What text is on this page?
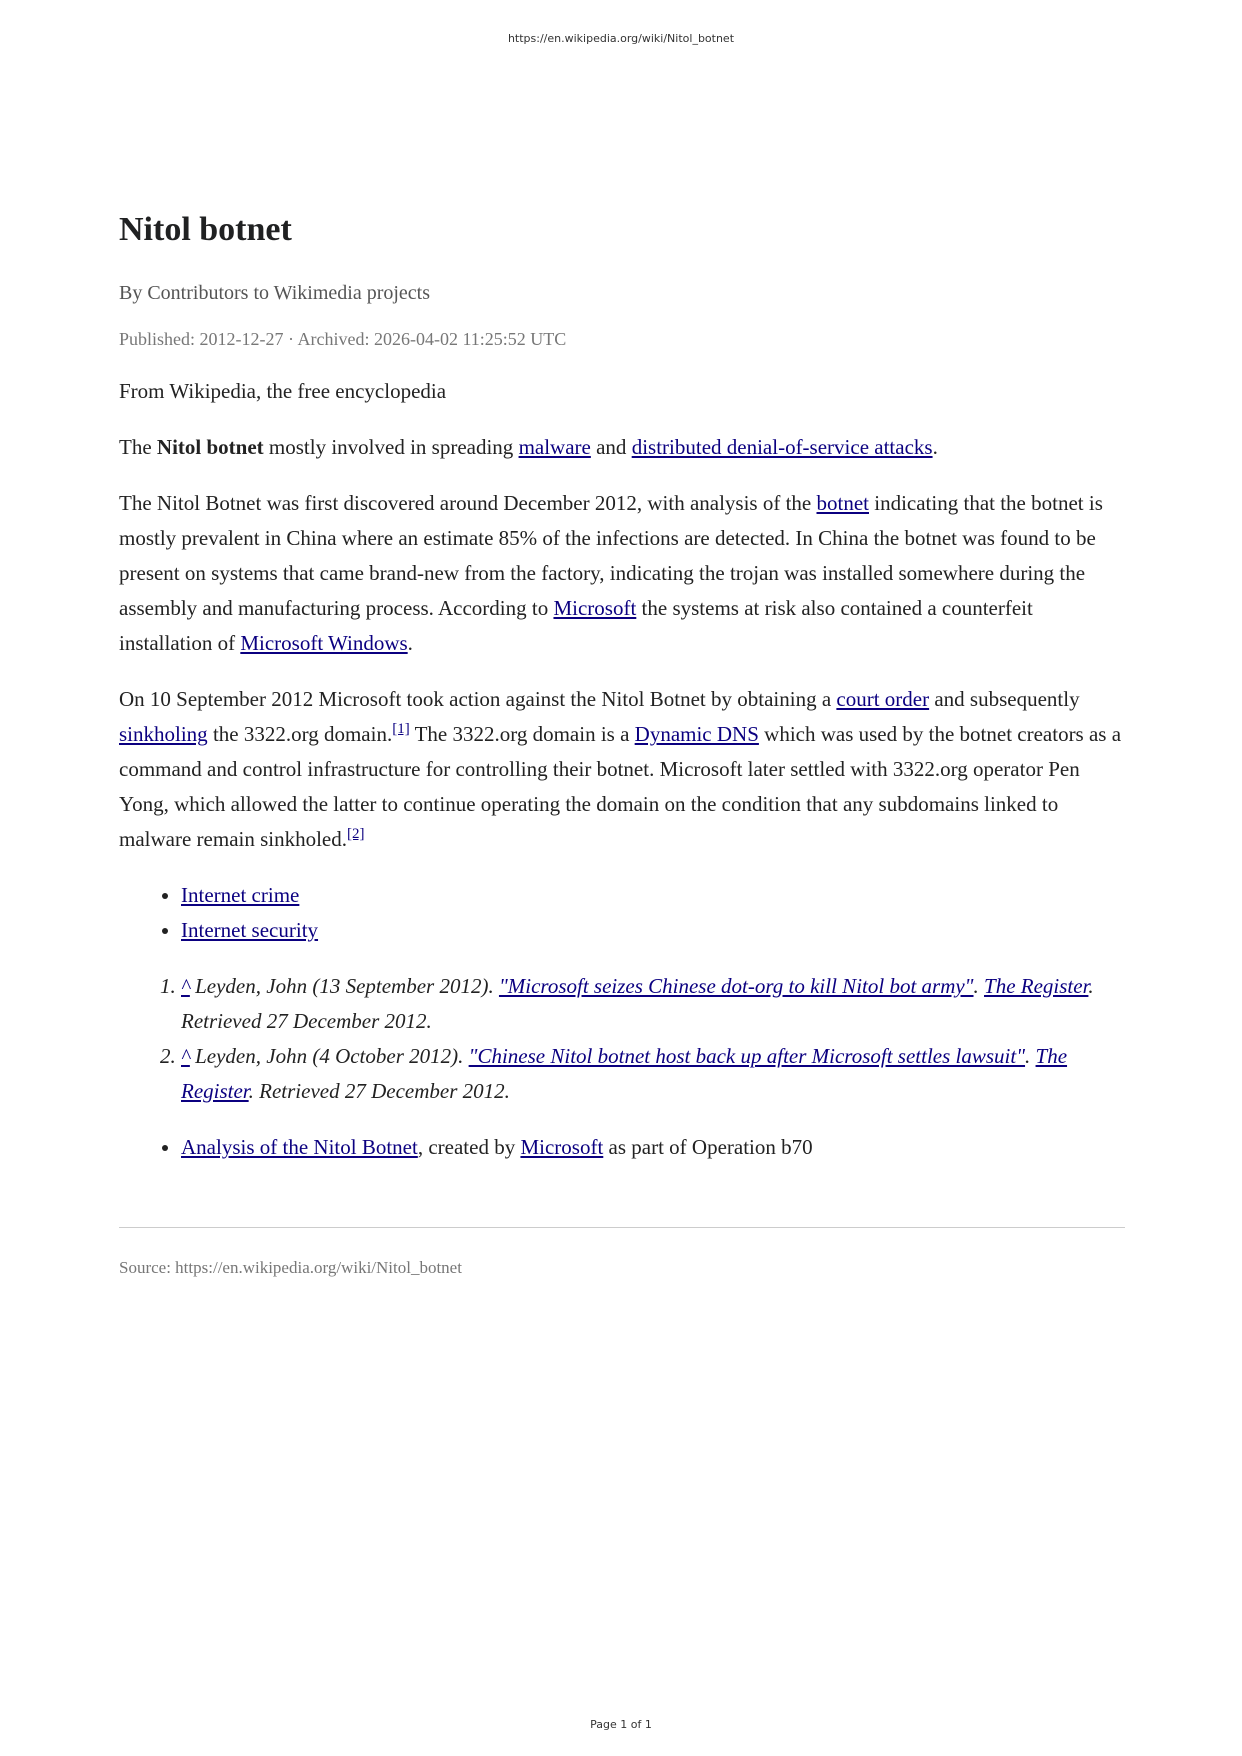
https://en.wikipedia.org/wiki/Nitol_botnet
Nitol botnet
By Contributors to Wikimedia projects
Published: 2012-12-27 · Archived: 2026-04-02 11:25:52 UTC

From Wikipedia, the free encyclopedia

The Nitol botnet mostly involved in spreading malware and distributed denial-of-service attacks.

The Nitol Botnet was first discovered around December 2012, with analysis of the botnet indicating that the botnet is mostly prevalent in China where an estimate 85% of the infections are detected. In China the botnet was found to be present on systems that came brand-new from the factory, indicating the trojan was installed somewhere during the assembly and manufacturing process. According to Microsoft the systems at risk also contained a counterfeit installation of Microsoft Windows.

On 10 September 2012 Microsoft took action against the Nitol Botnet by obtaining a court order and subsequently sinkholing the 3322.org domain.[1] The 3322.org domain is a Dynamic DNS which was used by the botnet creators as a command and control infrastructure for controlling their botnet. Microsoft later settled with 3322.org operator Pen Yong, which allowed the latter to continue operating the domain on the condition that any subdomains linked to malware remain sinkholed.[2]

• Internet crime
• Internet security
1. ^ Leyden, John (13 September 2012). "Microsoft seizes Chinese dot-org to kill Nitol bot army". The Register. Retrieved 27 December 2012.
2. ^ Leyden, John (4 October 2012). "Chinese Nitol botnet host back up after Microsoft settles lawsuit". The Register. Retrieved 27 December 2012.
• Analysis of the Nitol Botnet, created by Microsoft as part of Operation b70

Source: https://en.wikipedia.org/wiki/Nitol_botnet

Page 1 of 1
